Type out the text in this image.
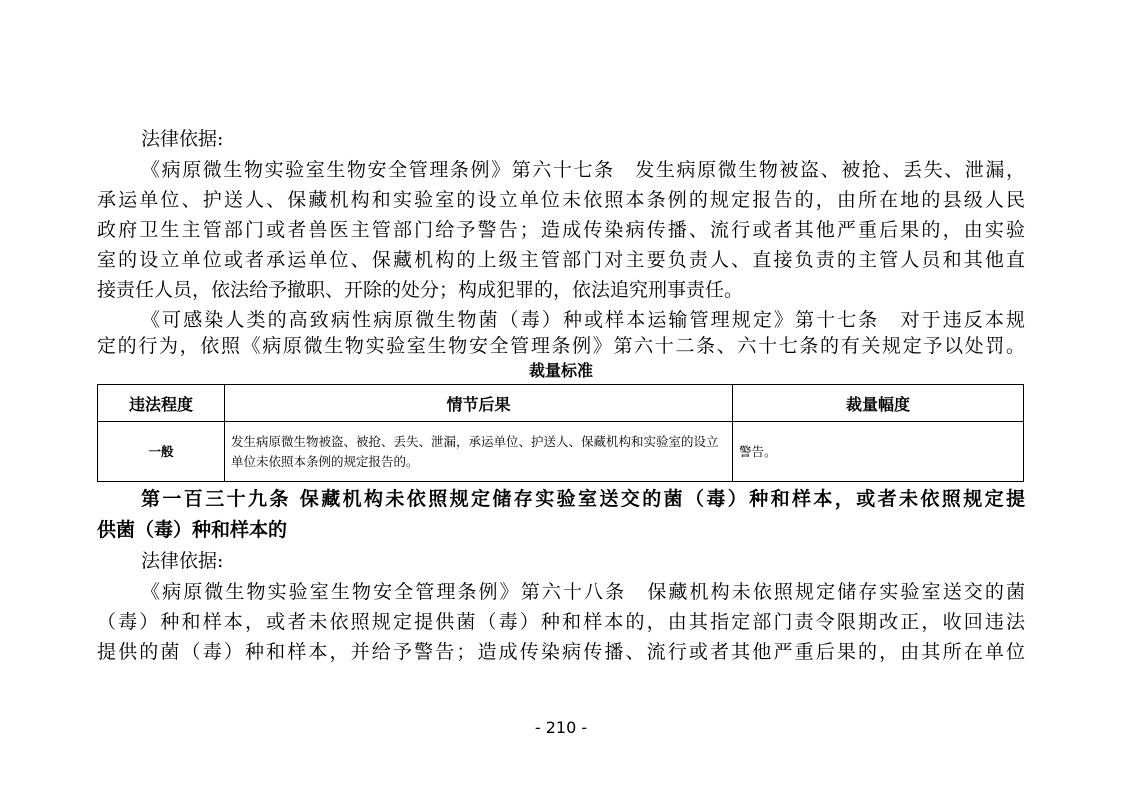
法律依据:
《病原微生物实验室生物安全管理条例》第六十七条　发生病原微生物被盗、被抢、丢失、泄漏，
承运单位、护送人、保藏机构和实验室的设立单位未依照本条例的规定报告的，由所在地的县级人民
政府卫生主管部门或者兽医主管部门给予警告；造成传染病传播、流行或者其他严重后果的，由实验
室的设立单位或者承运单位、保藏机构的上级主管部门对主要负责人、直接负责的主管人员和其他直
接责任人员，依法给予撤职、开除的处分；构成犯罪的，依法追究刑事责任。
《可感染人类的高致病性病原微生物菌（毒）种或样本运输管理规定》第十七条　对于违反本规
定的行为，依照《病原微生物实验室生物安全管理条例》第六十二条、六十七条的有关规定予以处罚。
裁量标准
违法程度	情节后果	裁量幅度
一般	发生病原微生物被盗、被抢、丢失、泄漏，承运单位、护送人、保藏机构和实验室的设立单位未依照本条例的规定报告的。	警告。
第一百三十九条 保藏机构未依照规定储存实验室送交的菌（毒）种和样本，或者未依照规定提
供菌（毒）种和样本的
法律依据:
《病原微生物实验室生物安全管理条例》第六十八条　保藏机构未依照规定储存实验室送交的菌
（毒）种和样本，或者未依照规定提供菌（毒）种和样本的，由其指定部门责令限期改正，收回违法
提供的菌（毒）种和样本，并给予警告；造成传染病传播、流行或者其他严重后果的，由其所在单位
- 210 -
